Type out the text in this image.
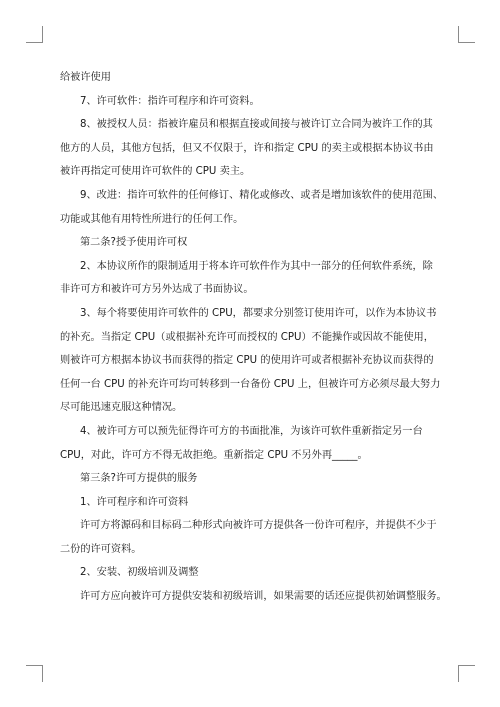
给被许使用

7、许可软件：指许可程序和许可资料。

8、被授权人员：指被许雇员和根据直接或间接与被许订立合同为被许工作的其

他方的人员，其他方包括，但又不仅限于，许和指定 CPU 的卖主或根据本协议书由

被许再指定可使用许可软件的 CPU 卖主。

9、改进：指许可软件的任何修订、精化或修改、或者是增加该软件的使用范围、

功能或其他有用特性所进行的任何工作。

第二条?授予使用许可权

2、本协议所作的限制适用于将本许可软件作为其中一部分的任何软件系统，除

非许可方和被许可方另外达成了书面协议。

3、每个将要使用许可软件的 CPU，都要求分别签订使用许可，以作为本协议书

的补充。当指定 CPU（或根据补充许可而授权的 CPU）不能操作或因故不能使用，

则被许可方根据本协议书而获得的指定 CPU 的使用许可或者根据补充协议而获得的

任何一台 CPU 的补充许可均可转移到一台备份 CPU 上，但被许可方必须尽最大努力

尽可能迅速克服这种情况。

4、被许可方可以预先征得许可方的书面批准，为该许可软件重新指定另一台

CPU，对此，许可方不得无故拒绝。重新指定 CPU 不另外再_____。

第三条?许可方提供的服务

1、许可程序和许可资料

许可方将源码和目标码二种形式向被许可方提供各一份许可程序，并提供不少于

二份的许可资料。

2、安装、初级培训及调整

许可方应向被许可方提供安装和初级培训，如果需要的话还应提供初始调整服务。
